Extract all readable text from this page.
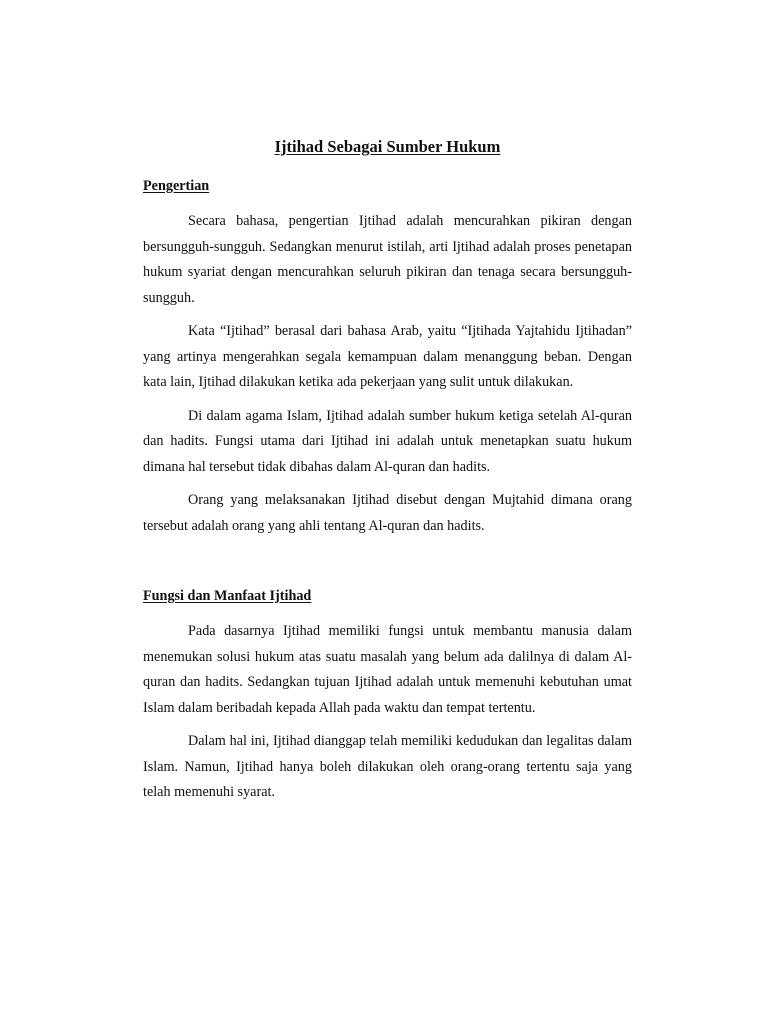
Ijtihad Sebagai Sumber Hukum
Pengertian

Secara bahasa, pengertian Ijtihad adalah mencurahkan pikiran dengan bersungguh-sungguh. Sedangkan menurut istilah, arti Ijtihad adalah proses penetapan hukum syariat dengan mencurahkan seluruh pikiran dan tenaga secara bersungguh-sungguh.

Kata “Ijtihad” berasal dari bahasa Arab, yaitu “Ijtihada Yajtahidu Ijtihadan” yang artinya mengerahkan segala kemampuan dalam menanggung beban. Dengan kata lain, Ijtihad dilakukan ketika ada pekerjaan yang sulit untuk dilakukan.

Di dalam agama Islam, Ijtihad adalah sumber hukum ketiga setelah Al-quran dan hadits. Fungsi utama dari Ijtihad ini adalah untuk menetapkan suatu hukum dimana hal tersebut tidak dibahas dalam Al-quran dan hadits.

Orang yang melaksanakan Ijtihad disebut dengan Mujtahid dimana orang tersebut adalah orang yang ahli tentang Al-quran dan hadits.

Fungsi dan Manfaat Ijtihad

Pada dasarnya Ijtihad memiliki fungsi untuk membantu manusia dalam menemukan solusi hukum atas suatu masalah yang belum ada dalilnya di dalam Al-quran dan hadits. Sedangkan tujuan Ijtihad adalah untuk memenuhi kebutuhan umat Islam dalam beribadah kepada Allah pada waktu dan tempat tertentu.

Dalam hal ini, Ijtihad dianggap telah memiliki kedudukan dan legalitas dalam Islam. Namun, Ijtihad hanya boleh dilakukan oleh orang-orang tertentu saja yang telah memenuhi syarat.
